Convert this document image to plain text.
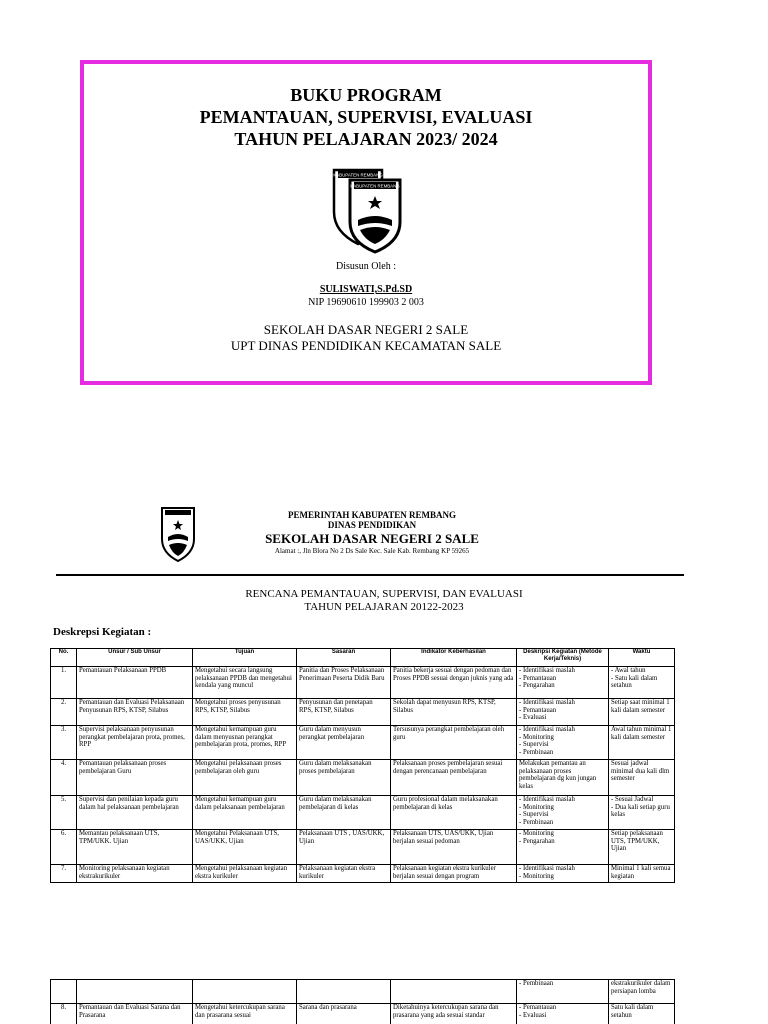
BUKU PROGRAM
PEMANTAUAN, SUPERVISI, EVALUASI
TAHUN PELAJARAN 2023/ 2024
KABUPATEN REMBANG
KABUPATEN REMBANG
Disusun Oleh :
SULISWATI,S.Pd.SD
NIP 19690610 199903 2 003
SEKOLAH DASAR NEGERI 2 SALE
UPT DINAS PENDIDIKAN KECAMATAN SALE
PEMERINTAH KABUPATEN REMBANG
DINAS PENDIDIKAN
SEKOLAH DASAR NEGERI 2 SALE
Alamat :, Jln Blora No 2 Ds Sale Kec. Sale Kab. Rembang KP 59265
RENCANA PEMANTAUAN, SUPERVISI, DAN EVALUASI
TAHUN PELAJARAN 20122-2023
Deskrepsi Kegiatan :
No.	Unsur / Sub Unsur	Tujuan	Sasaran	Indikator Keberhasilan	Deskripsi Kegiatan (Metode Kerja/Teknis)	Waktu
1.	Pemantauan Pelaksanaan PPDB	Mengetahui secara langsung pelaksanaan PPDB dan mengetahui kendala yang muncul	Panitia dan Proses Pelaksanaan Penerimaan Peserta Didik Baru	Panitia bekerja sesuai dengan pedoman dan Proses PPDB sesuai dengan juknis yang ada	- Identifikasi maslah
- Pemantauan
- Pengarahan	- Awal tahun
- Satu kali dalam setahun
2.	Pemantauan dan Evaluasi Pelaksanaan Penyusunan RPS, KTSP, Silabus	Mengetahui proses penyusunan RPS, KTSP, Silabus	Penyusunan dan penetapan RPS, KTSP, Silabus	Sekolah dapat menyusun RPS, KTSP, Silabus	- Identifikasi maslah
- Pemantauan
- Evaluasi	Setiap saat minimal 1 kali dalam semester
3.	Supervisi pelaksanaan penyusunan perangkat pembelajaran prota, promes, RPP	Mengetahui kemampuan guru dalam menyusnan perangkat pembelajaran prota, promes, RPP	Guru dalam menyusun perangkat pembelajaran	Tersusunya perangkat pembelajaran oleh guru	- Identifikasi maslah
- Monitoring
- Supervisi
- Pembinaan	Awal tahun minimal 1 kali dalam semester
4.	Pemantauan pelaksanaan proses pembelajaran Guru	Mengetahui pelaksanaan proses pembelajaran oleh guru	Guru dalam melaksanakan proses pembelajaran	Pelaksanaan proses pembelajaran sesuai dengan perencanaan pembelajaran	Melakukan pemantau an pelaksanaan proses pembelajaran dg kun jungan kelas	Sesuai jadwal minimal dua kali dlm semester
5.	Supervisi dan penilaian kepada guru dalam hal pelaksanaan pembelajaran	Mengetahui kemampuan guru dalam pelaksanaan pembelajaran	Guru dalam melaksanakan pembelajaran di kelas	Guru profesional dalam melaksanakan pembelajaran di kelas	- Identifikasi maslah
- Monitoring
- Supervisi
- Pembinaan	- Sesuai Jadwal
- Dua kali setiap guru kelas
6.	Memantau pelaksanaan UTS, TPM/UKK. Ujian	Mengetahui Pelaksanaan UTS, UAS/UKK, Ujian	Pelaksanaan UTS , UAS/UKK, Ujian	Pelaksanaan UTS, UAS/UKK, Ujian berjalan sesuai pedoman	- Monitoring
- Pengarahan	Setiap pelaksanaan UTS, TPM/UKK, Ujian
7.	Monitoring pelaksanaan kegiatan ekstrakurikuler	Mengetahui pelaksanaan kegiatan ekstra kurikuler	Pelaksanaan kegiatan ekstra kurikuler	Pelaksanaan kegiatan ekstra kurikuler berjalan sesuai dengan program	- Identifikasi maslah
- Monitoring	Minimal 1 kali semua kegiatan
					- Pembinaan	ekstrakurikuler dalam persiapan lomba
8.	Pemantauan dan Evaluasi Sarana dan Prasarana	Mengetahui ketercukupan sarana dan prasarana sesuai	Sarana dan prasarana	Diketahuinya ketercukupan sarana dan prasarana yang ada sesuai standar	- Pemantauan
- Evaluasi	Satu kali dalam setahun
